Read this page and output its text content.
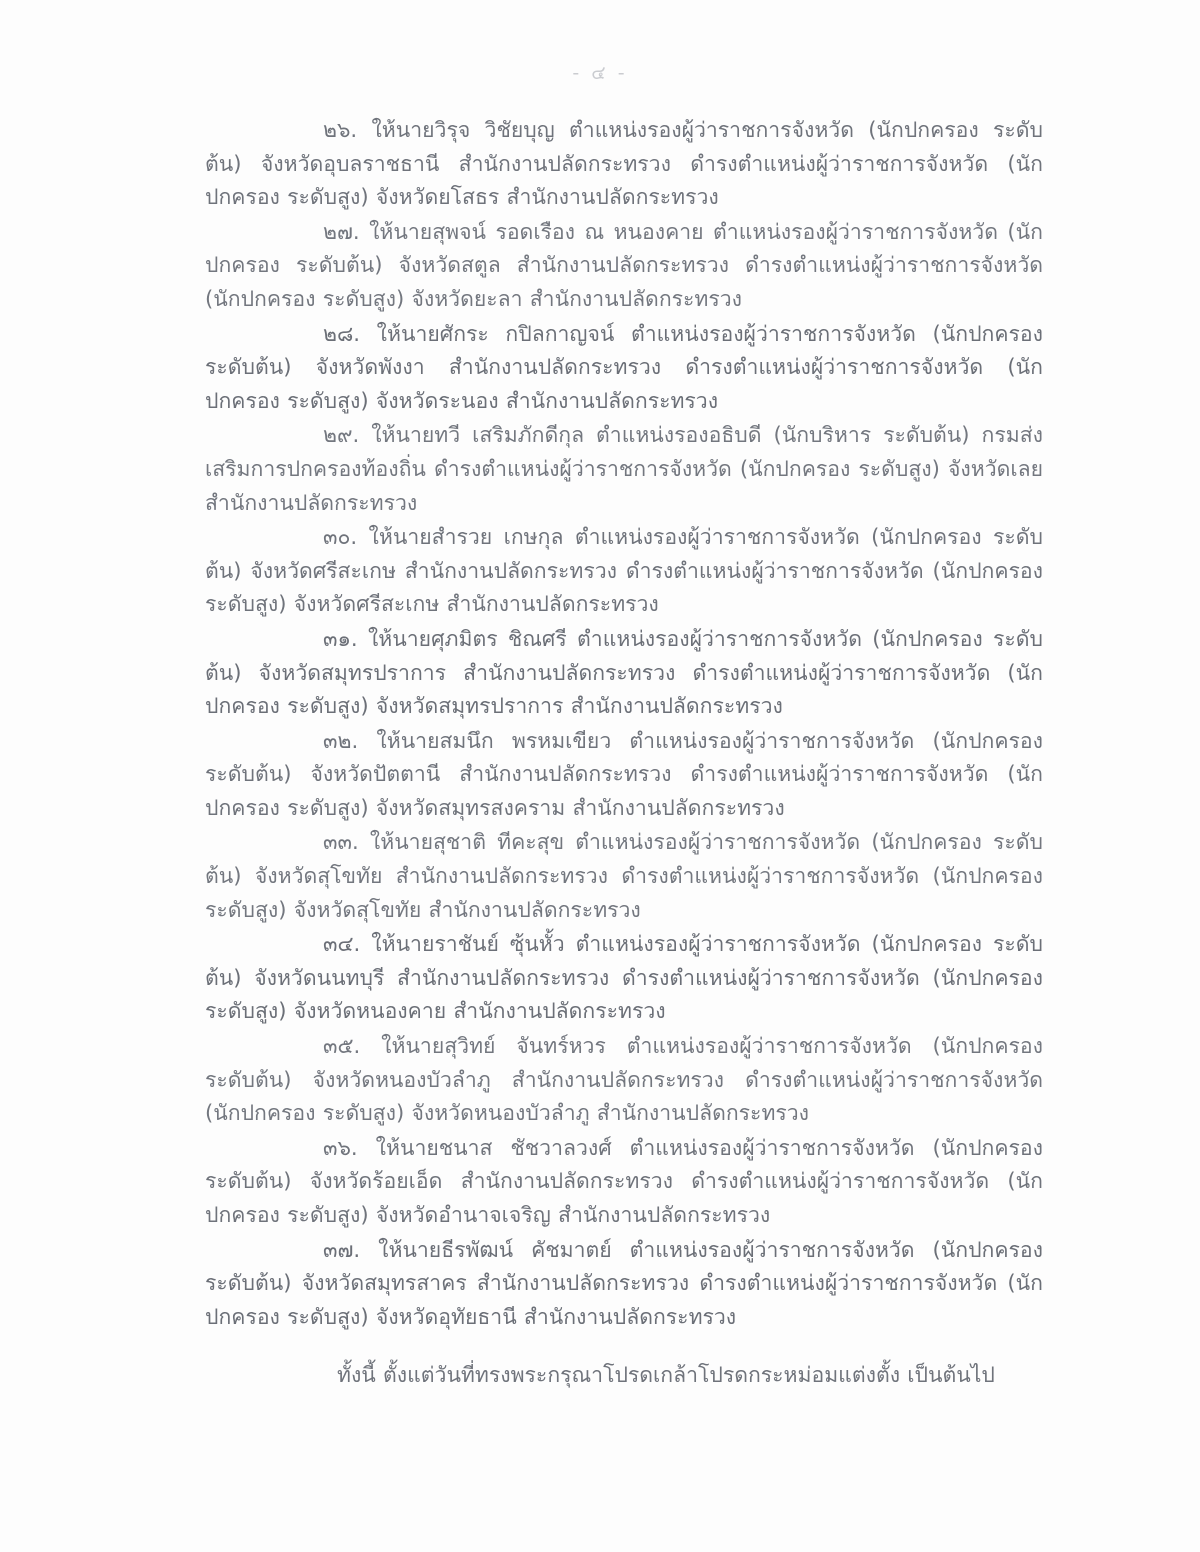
- ๔ -

๒๖. ให้นายวิรุจ วิชัยบุญ ตำแหน่งรองผู้ว่าราชการจังหวัด (นักปกครอง ระดับต้น) จังหวัดอุบลราชธานี สำนักงานปลัดกระทรวง ดำรงตำแหน่งผู้ว่าราชการจังหวัด (นักปกครอง ระดับสูง) จังหวัดยโสธร สำนักงานปลัดกระทรวง

๒๗. ให้นายสุพจน์ รอดเรือง ณ หนองคาย ตำแหน่งรองผู้ว่าราชการจังหวัด (นักปกครอง ระดับต้น) จังหวัดสตูล สำนักงานปลัดกระทรวง ดำรงตำแหน่งผู้ว่าราชการจังหวัด (นักปกครอง ระดับสูง) จังหวัดยะลา สำนักงานปลัดกระทรวง

๒๘. ให้นายศักระ กปิลกาญจน์ ตำแหน่งรองผู้ว่าราชการจังหวัด (นักปกครอง ระดับต้น) จังหวัดพังงา สำนักงานปลัดกระทรวง ดำรงตำแหน่งผู้ว่าราชการจังหวัด (นักปกครอง ระดับสูง) จังหวัดระนอง สำนักงานปลัดกระทรวง

๒๙. ให้นายทวี เสริมภักดีกุล ตำแหน่งรองอธิบดี (นักบริหาร ระดับต้น) กรมส่งเสริมการปกครองท้องถิ่น ดำรงตำแหน่งผู้ว่าราชการจังหวัด (นักปกครอง ระดับสูง) จังหวัดเลย สำนักงานปลัดกระทรวง

๓๐. ให้นายสำรวย เกษกุล ตำแหน่งรองผู้ว่าราชการจังหวัด (นักปกครอง ระดับต้น) จังหวัดศรีสะเกษ สำนักงานปลัดกระทรวง ดำรงตำแหน่งผู้ว่าราชการจังหวัด (นักปกครอง ระดับสูง) จังหวัดศรีสะเกษ สำนักงานปลัดกระทรวง

๓๑. ให้นายศุภมิตร ชิณศรี ตำแหน่งรองผู้ว่าราชการจังหวัด (นักปกครอง ระดับต้น) จังหวัดสมุทรปราการ สำนักงานปลัดกระทรวง ดำรงตำแหน่งผู้ว่าราชการจังหวัด (นักปกครอง ระดับสูง) จังหวัดสมุทรปราการ สำนักงานปลัดกระทรวง

๓๒. ให้นายสมนึก พรหมเขียว ตำแหน่งรองผู้ว่าราชการจังหวัด (นักปกครอง ระดับต้น) จังหวัดปัตตานี สำนักงานปลัดกระทรวง ดำรงตำแหน่งผู้ว่าราชการจังหวัด (นักปกครอง ระดับสูง) จังหวัดสมุทรสงคราม สำนักงานปลัดกระทรวง

๓๓. ให้นายสุชาติ ทีคะสุข ตำแหน่งรองผู้ว่าราชการจังหวัด (นักปกครอง ระดับต้น) จังหวัดสุโขทัย สำนักงานปลัดกระทรวง ดำรงตำแหน่งผู้ว่าราชการจังหวัด (นักปกครอง ระดับสูง) จังหวัดสุโขทัย สำนักงานปลัดกระทรวง

๓๔. ให้นายราชันย์ ซุ้นหั้ว ตำแหน่งรองผู้ว่าราชการจังหวัด (นักปกครอง ระดับต้น) จังหวัดนนทบุรี สำนักงานปลัดกระทรวง ดำรงตำแหน่งผู้ว่าราชการจังหวัด (นักปกครอง ระดับสูง) จังหวัดหนองคาย สำนักงานปลัดกระทรวง

๓๕. ให้นายสุวิทย์ จันทร์หวร ตำแหน่งรองผู้ว่าราชการจังหวัด (นักปกครอง ระดับต้น) จังหวัดหนองบัวลำภู สำนักงานปลัดกระทรวง ดำรงตำแหน่งผู้ว่าราชการจังหวัด (นักปกครอง ระดับสูง) จังหวัดหนองบัวลำภู สำนักงานปลัดกระทรวง

๓๖. ให้นายชนาส ชัชวาลวงศ์ ตำแหน่งรองผู้ว่าราชการจังหวัด (นักปกครอง ระดับต้น) จังหวัดร้อยเอ็ด สำนักงานปลัดกระทรวง ดำรงตำแหน่งผู้ว่าราชการจังหวัด (นักปกครอง ระดับสูง) จังหวัดอำนาจเจริญ สำนักงานปลัดกระทรวง

๓๗. ให้นายธีรพัฒน์ คัชมาตย์ ตำแหน่งรองผู้ว่าราชการจังหวัด (นักปกครอง ระดับต้น) จังหวัดสมุทรสาคร สำนักงานปลัดกระทรวง ดำรงตำแหน่งผู้ว่าราชการจังหวัด (นักปกครอง ระดับสูง) จังหวัดอุทัยธานี สำนักงานปลัดกระทรวง

ทั้งนี้ ตั้งแต่วันที่ทรงพระกรุณาโปรดเกล้าโปรดกระหม่อมแต่งตั้ง เป็นต้นไป
